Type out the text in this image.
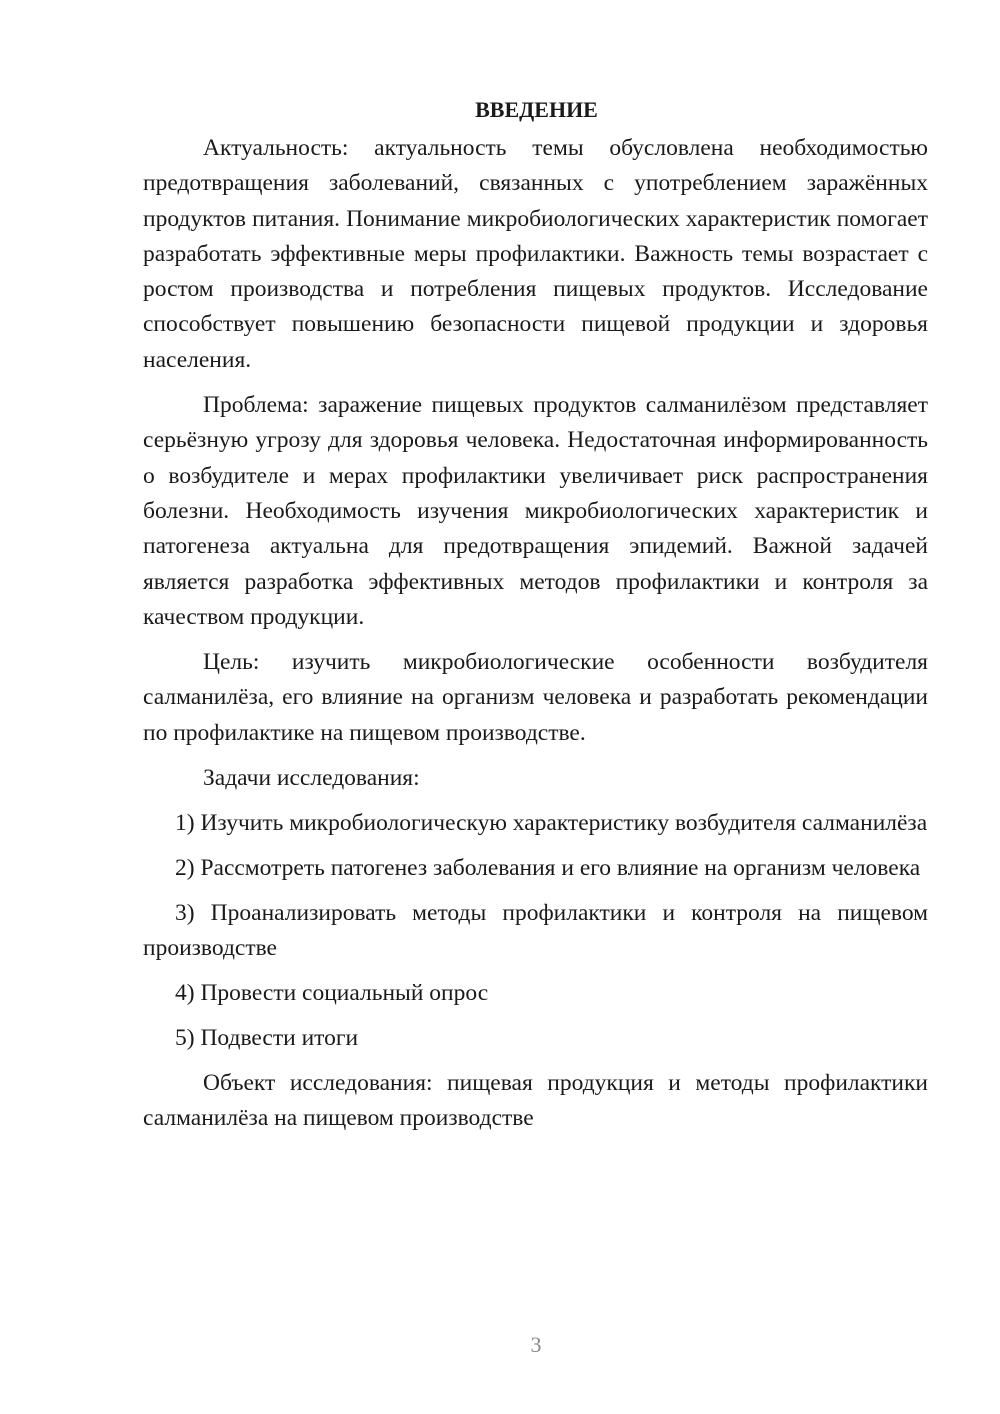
ВВЕДЕНИЕ

Актуальность: актуальность темы обусловлена необходимостью предотвращения заболеваний, связанных с употреблением заражённых продуктов питания. Понимание микробиологических характеристик помогает разработать эффективные меры профилактики. Важность темы возрастает с ростом производства и потребления пищевых продуктов. Исследование способствует повышению безопасности пищевой продукции и здоровья населения.

Проблема: заражение пищевых продуктов салманилёзом представляет серьёзную угрозу для здоровья человека. Недостаточная информированность о возбудителе и мерах профилактики увеличивает риск распространения болезни. Необходимость изучения микробиологических характеристик и патогенеза актуальна для предотвращения эпидемий. Важной задачей является разработка эффективных методов профилактики и контроля за качеством продукции.

Цель: изучить микробиологические особенности возбудителя салманилёза, его влияние на организм человека и разработать рекомендации по профилактике на пищевом производстве.

Задачи исследования:

1) Изучить микробиологическую характеристику возбудителя салманилёза

2) Рассмотреть патогенез заболевания и его влияние на организм человека

3) Проанализировать методы профилактики и контроля на пищевом производстве

4) Провести социальный опрос

5) Подвести итоги

Объект исследования: пищевая продукция и методы профилактики салманилёза на пищевом производстве

3
